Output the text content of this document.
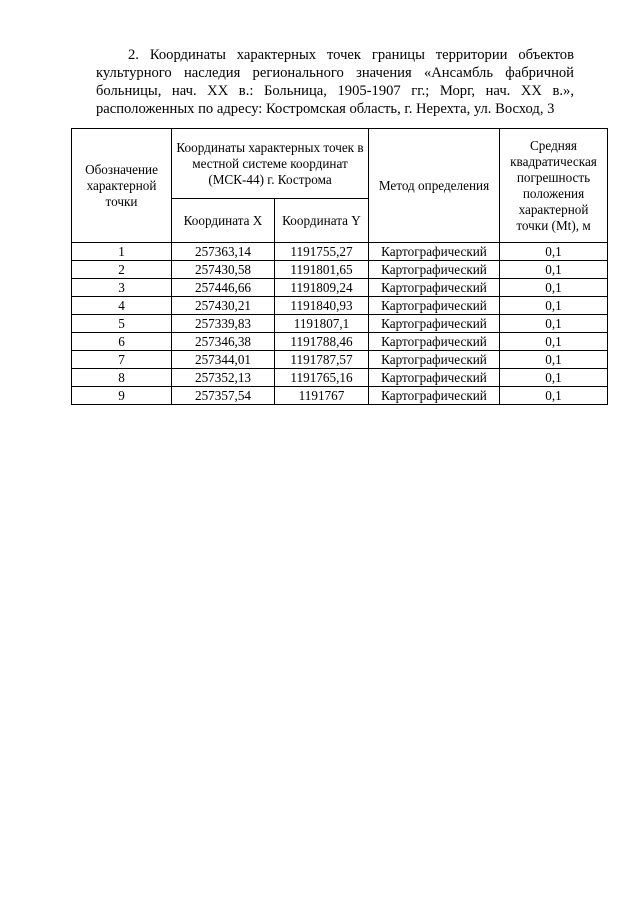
2. Координаты характерных точек границы территории объектов
культурного наследия регионального значения «Ансамбль фабричной
больницы, нач. XX в.: Больница, 1905-1907 гг.; Морг, нач. XX в.»,
расположенных по адресу: Костромская область, г. Нерехта, ул. Восход, 3
Обозначение характерной точки	Координаты характерных точек в местной системе координат (МСК-44) г. Кострома		Метод определения	Средняя квадратическая погрешность положения характерной точки (Mt), м
	Координата X	Координата Y		
1	257363,14	1191755,27	Картографический	0,1
2	257430,58	1191801,65	Картографический	0,1
3	257446,66	1191809,24	Картографический	0,1
4	257430,21	1191840,93	Картографический	0,1
5	257339,83	1191807,1	Картографический	0,1
6	257346,38	1191788,46	Картографический	0,1
7	257344,01	1191787,57	Картографический	0,1
8	257352,13	1191765,16	Картографический	0,1
9	257357,54	1191767	Картографический	0,1
